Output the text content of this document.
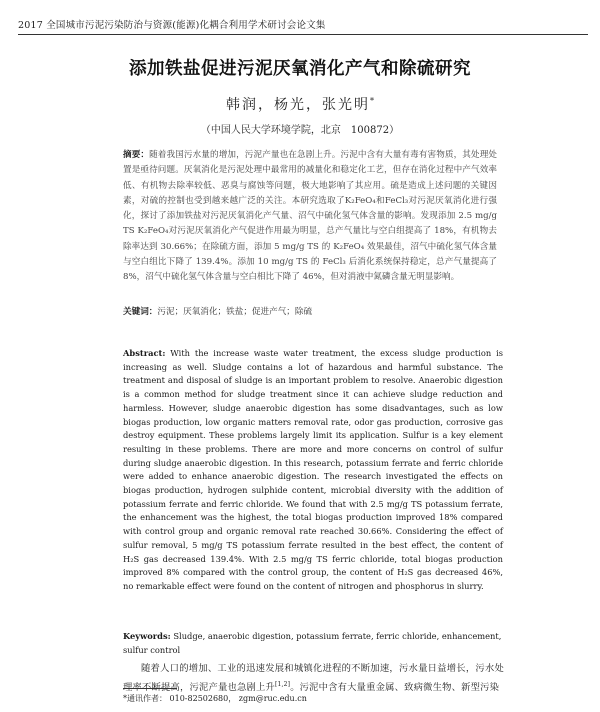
2017 全国城市污泥污染防治与资源(能源)化耦合利用学术研讨会论文集
添加铁盐促进污泥厌氧消化产气和除硫研究
韩润，杨光，张光明*
（中国人民大学环境学院，北京　100872）
摘要：随着我国污水量的增加，污泥产量也在急剧上升。污泥中含有大量有毒有害物质，其处理处置是亟待问题。厌氧消化是污泥处理中最常用的减量化和稳定化工艺，但存在消化过程中产气效率低、有机物去除率较低、恶臭与腐蚀等问题，极大地影响了其应用。硫是造成上述问题的关键因素，对硫的控制也受到越来越广泛的关注。本研究选取了K₂FeO₄和FeCl₃对污泥厌氧消化进行强化，探讨了添加铁盐对污泥厌氧消化产气量、沼气中硫化氢气体含量的影响。发现添加 2.5 mg/g TS K₂FeO₄对污泥厌氧消化产气促进作用最为明显，总产气量比与空白组提高了 18%，有机物去除率达到 30.66%；在除硫方面，添加 5 mg/g TS 的 K₂FeO₄ 效果最佳，沼气中硫化氢气体含量与空白组比下降了 139.4%。添加 10 mg/g TS 的 FeCl₃ 后消化系统保持稳定，总产气量提高了 8%，沼气中硫化氢气体含量与空白相比下降了 46%，但对消液中氮磷含量无明显影响。
关键词：污泥；厌氧消化；铁盐；促进产气；除硫
Abstract: With the increase waste water treatment, the excess sludge production is increasing as well. Sludge contains a lot of hazardous and harmful substance. The treatment and disposal of sludge is an important problem to resolve. Anaerobic digestion is a common method for sludge treatment since it can achieve sludge reduction and harmless. However, sludge anaerobic digestion has some disadvantages, such as low biogas production, low organic matters removal rate, odor gas production, corrosive gas destroy equipment. These problems largely limit its application. Sulfur is a key element resulting in these problems. There are more and more concerns on control of sulfur during sludge anaerobic digestion. In this research, potassium ferrate and ferric chloride were added to enhance anaerobic digestion. The research investigated the effects on biogas production, hydrogen sulphide content, microbial diversity with the addition of potassium ferrate and ferric chloride. We found that with 2.5 mg/g TS potassium ferrate, the enhancement was the highest, the total biogas production improved 18% compared with control group and organic removal rate reached 30.66%. Considering the effect of sulfur removal, 5 mg/g TS potassium ferrate resulted in the best effect, the content of H₂S gas decreased 139.4%. With 2.5 mg/g TS ferric chloride, total biogas production improved 8% compared with the control group, the content of H₂S gas decreased 46%, no remarkable effect were found on the content of nitrogen and phosphorus in slurry.
Keywords: Sludge, anaerobic digestion, potassium ferrate, ferric chloride, enhancement, sulfur control
随着人口的增加、工业的迅速发展和城镇化进程的不断加速，污水量日益增长，污水处理率不断提高，污泥产量也急剧上升[1,2]。污泥中含有大量重金属、致病微生物、新型污染
*通讯作者： 010-82502680， zgm@ruc.edu.cn
